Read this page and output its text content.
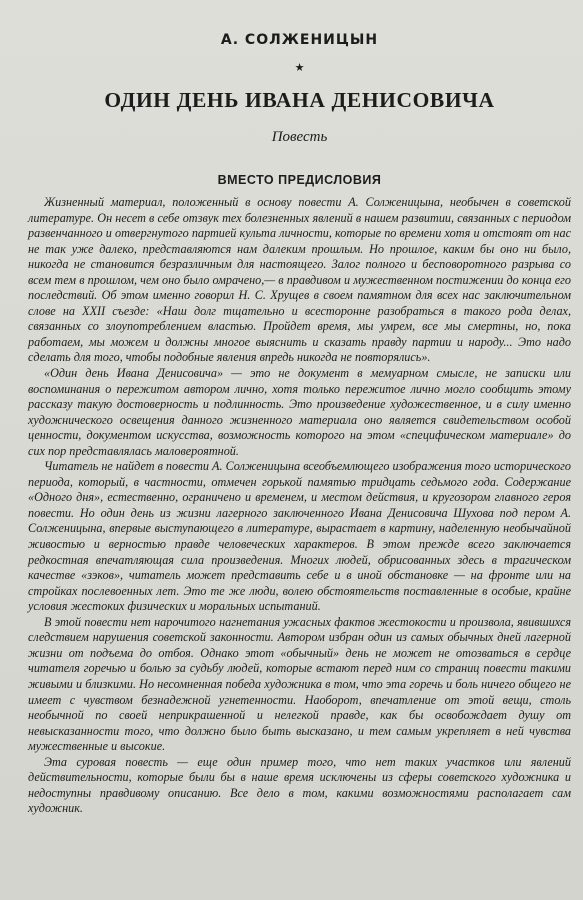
А. СОЛЖЕНИЦЫН
★
ОДИН ДЕНЬ ИВАНА ДЕНИСОВИЧА
Повесть
ВМЕСТО ПРЕДИСЛОВИЯ

Жизненный материал, положенный в основу повести А. Солженицына, необычен в советской литературе. Он несет в себе отзвук тех болезненных явлений в нашем развитии, связанных с периодом развенчанного и отвергнутого партией культа личности, которые по времени хотя и отстоят от нас не так уже далеко, представляются нам далеким прошлым. Но прошлое, каким бы оно ни было, никогда не становится безразличным для настоящего. Залог полного и бесповоротного разрыва со всем тем в прошлом, чем оно было омрачено,— в правдивом и мужественном постижении до конца его последствий. Об этом именно говорил Н. С. Хрущев в своем памятном для всех нас заключительном слове на XXII съезде: «Наш долг тщательно и всесторонне разобраться в такого рода делах, связанных со злоупотреблением властью. Пройдет время, мы умрем, все мы смертны, но, пока работаем, мы можем и должны многое выяснить и сказать правду партии и народу... Это надо сделать для того, чтобы подобные явления впредь никогда не повторялись».

«Один день Ивана Денисовича» — это не документ в мемуарном смысле, не записки или воспоминания о пережитом автором лично, хотя только пережитое лично могло сообщить этому рассказу такую достоверность и подлинность. Это произведение художественное, и в силу именно художнического освещения данного жизненного материала оно является свидетельством особой ценности, документом искусства, возможность которого на этом «специфическом материале» до сих пор представлялась маловероятной.

Читатель не найдет в повести А. Солженицына всеобъемлющего изображения того исторического периода, который, в частности, отмечен горькой памятью тридцать седьмого года. Содержание «Одного дня», естественно, ограничено и временем, и местом действия, и кругозором главного героя повести. Но один день из жизни лагерного заключенного Ивана Денисовича Шухова под пером А. Солженицына, впервые выступающего в литературе, вырастает в картину, наделенную необычайной живостью и верностью правде человеческих характеров. В этом прежде всего заключается редкостная впечатляющая сила произведения. Многих людей, обрисованных здесь в трагическом качестве «зэков», читатель может представить себе и в иной обстановке — на фронте или на стройках послевоенных лет. Это те же люди, волею обстоятельств поставленные в особые, крайне условия жестоких физических и моральных испытаний.

В этой повести нет нарочитого нагнетания ужасных фактов жестокости и произвола, явившихся следствием нарушения советской законности. Автором избран один из самых обычных дней лагерной жизни от подъема до отбоя. Однако этот «обычный» день не может не отозваться в сердце читателя горечью и болью за судьбу людей, которые встают перед ним со страниц повести такими живыми и близкими. Но несомненная победа художника в том, что эта горечь и боль ничего общего не имеет с чувством безнадежной угнетенности. Наоборот, впечатление от этой вещи, столь необычной по своей неприкрашенной и нелегкой правде, как бы освобождает душу от невысказанности того, что должно было быть высказано, и тем самым укрепляет в ней чувства мужественные и высокие.

Эта суровая повесть — еще один пример того, что нет таких участков или явлений действительности, которые были бы в наше время исключены из сферы советского художника и недоступны правдивому описанию. Все дело в том, какими возможностями располагает сам художник.
